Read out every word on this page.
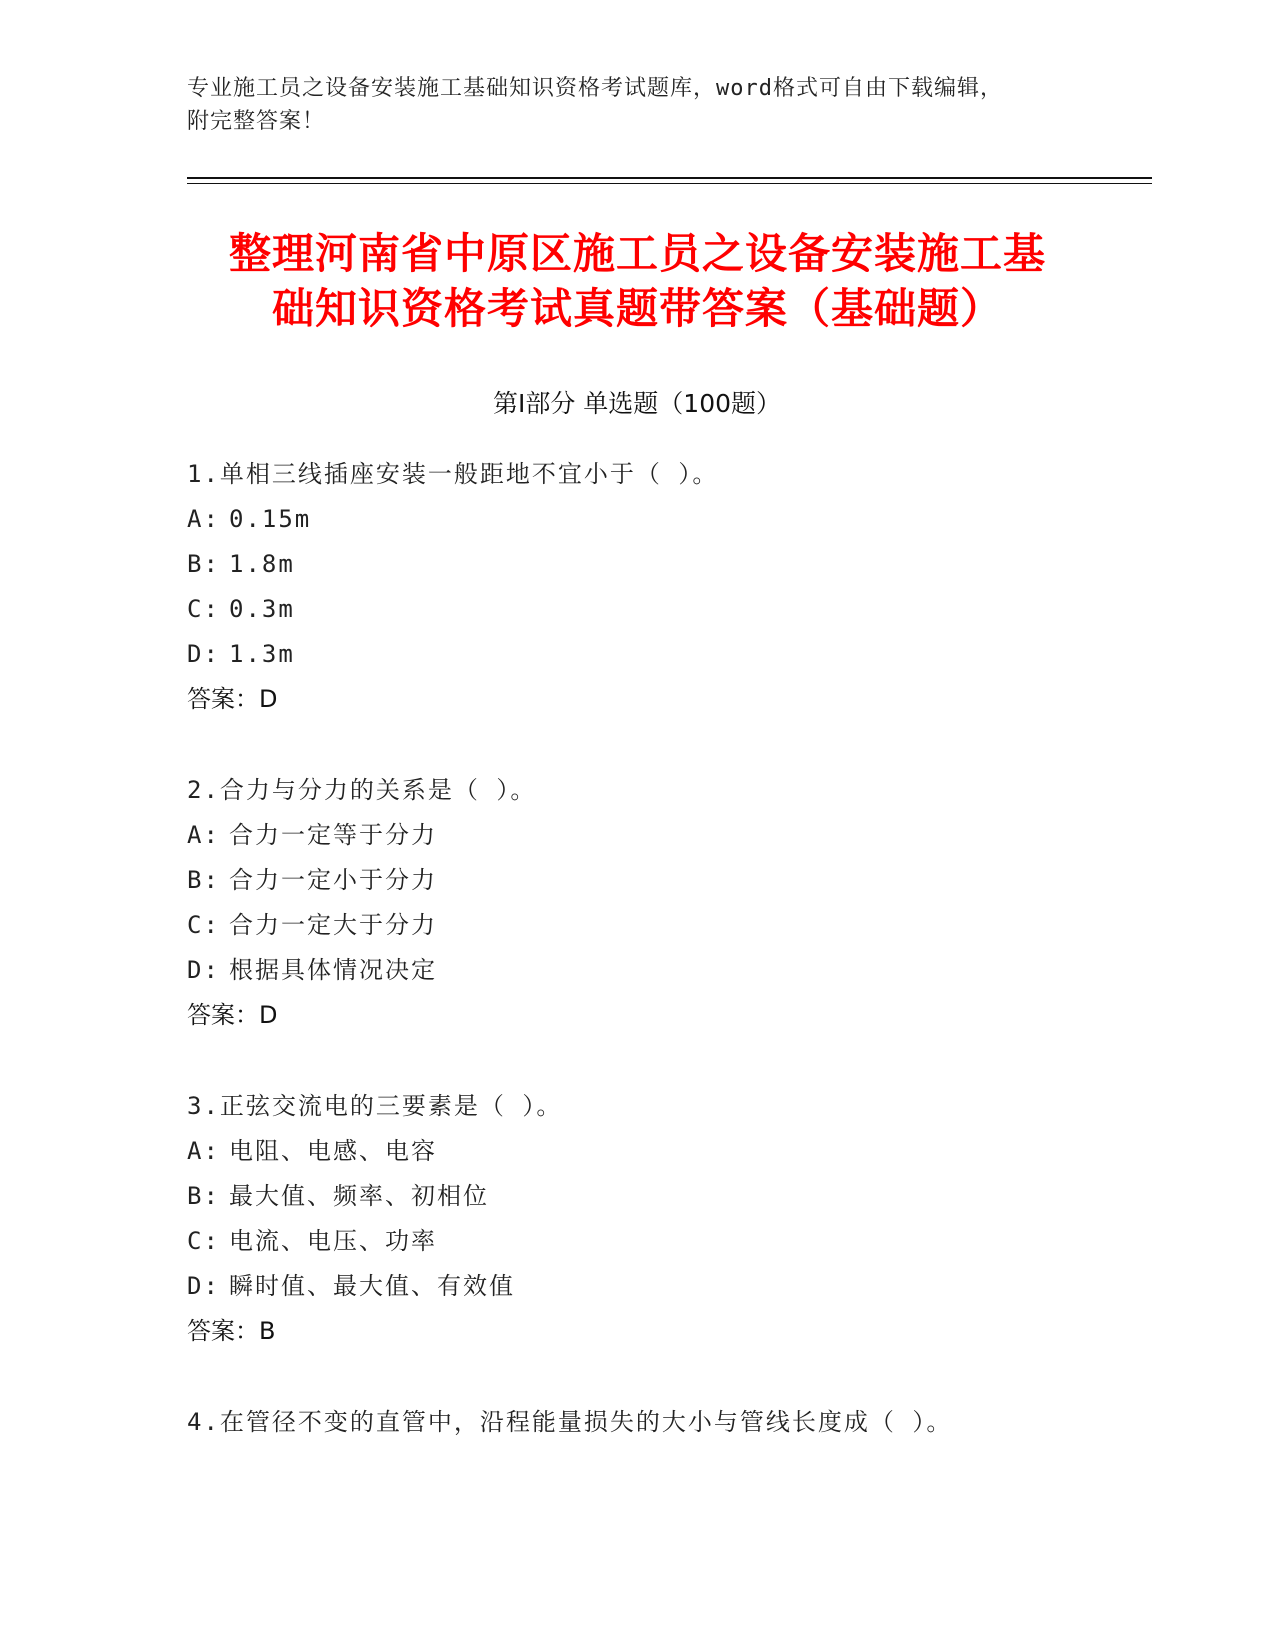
专业施工员之设备安装施工基础知识资格考试题库，word格式可自由下载编辑，
附完整答案！
整理河南省中原区施工员之设备安装施工基
础知识资格考试真题带答案（基础题）
第Ⅰ部分 单选题（100题）
1.单相三线插座安装一般距地不宜小于（ ）。
A: 0.15m
B: 1.8m
C: 0.3m
D: 1.3m
答案：D
2.合力与分力的关系是（ ）。
A: 合力一定等于分力
B: 合力一定小于分力
C: 合力一定大于分力
D: 根据具体情况决定
答案：D
3.正弦交流电的三要素是（ ）。
A: 电阻、电感、电容
B: 最大值、频率、初相位
C: 电流、电压、功率
D: 瞬时值、最大值、有效值
答案：B
4.在管径不变的直管中，沿程能量损失的大小与管线长度成（ ）。
